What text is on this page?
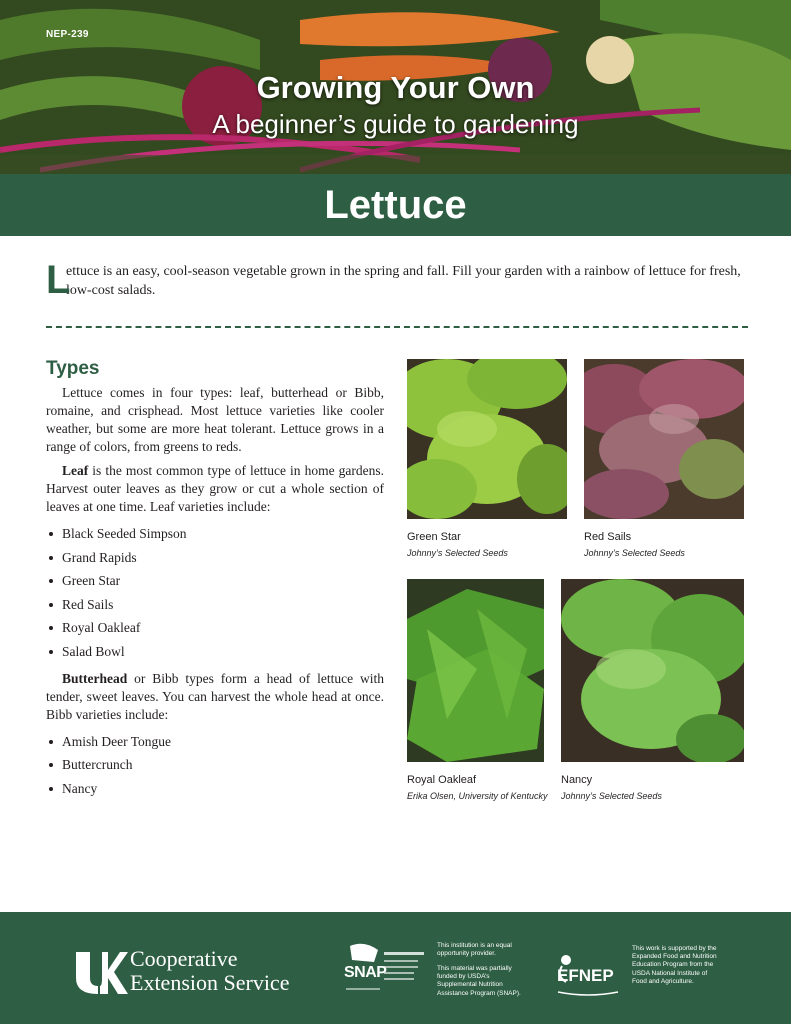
NEP-239
Growing Your Own
A beginner’s guide to gardening
Lettuce
L

ettuce is an easy, cool-season vegetable grown in the spring and fall. Fill your garden with a rainbow of lettuce for fresh, low-cost salads.

Types

Lettuce comes in four types: leaf, butterhead or Bibb, romaine, and crisphead. Most lettuce varieties like cooler weather, but some are more heat tolerant. Lettuce grows in a range of colors, from greens to reds.

Leaf is the most common type of lettuce in home gardens. Harvest outer leaves as they grow or cut a whole section of leaves at one time. Leaf varieties include:

Black Seeded Simpson
Grand Rapids
Green Star
Red Sails
Royal Oakleaf
Salad Bowl

Butterhead or Bibb types form a head of lettuce with tender, sweet leaves. You can harvest the whole head at once. Bibb varieties include:

Amish Deer Tongue
Buttercrunch
Nancy
Green Star
Johnny’s Selected Seeds
Red Sails
Johnny’s Selected Seeds
Royal Oakleaf
Erika Olsen, University of Kentucky
Nancy
Johnny’s Selected Seeds
Cooperative
Extension Service	SNAP
This institution is an equal opportunity provider.
This material was partially funded by USDA’s Supplemental Nutrition Assistance Program (SNAP).
EFNEP
This work is supported by the Expanded Food and Nutrition Education Program from the USDA National Institute of Food and Agriculture.
